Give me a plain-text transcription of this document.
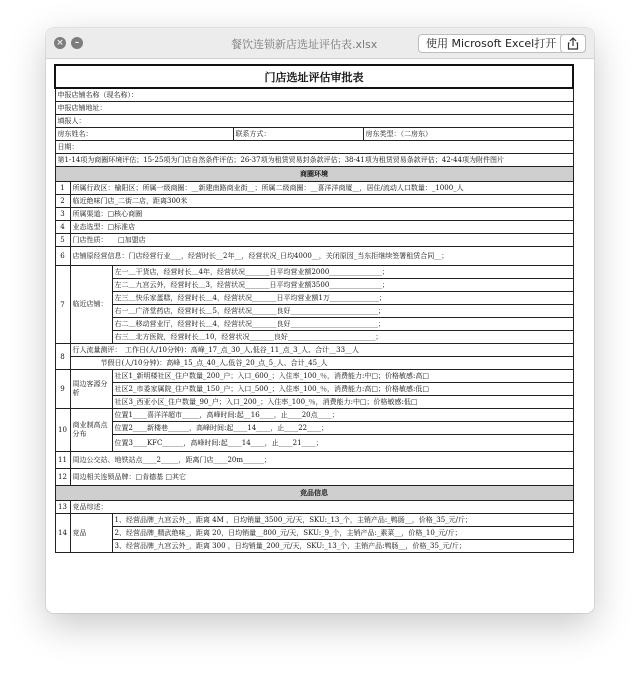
×	–	餐饮连锁新店选址评估表.xlsx	使用 Microsoft Excel打开
门店选址评估审批表				
申报店铺名称（现名称）：				
申报店铺地址：				
填报人：				
房东姓名：			联系方式：	房东类型：（二房东）
日期：				
第1-14项为商圈环境评估；15-25项为门店自然条件评估；26-37项为租赁贸易封条款评估；38-41项为租赁贸易条款评估；42-44项为附件图片				
商圈环境				
1	所属行政区：榆阳区；所属一级商圈：__新建南路商业街__；所属二级商圈：__喜洋洋商厦__，居住/流动人口数量：_1000_人			
2	临近绝味门店_二街二店，距离300米			
3	所属渠道：□核心商圈			
4	业态选型：□标准店			
5	门店性质：　　□加盟店			
6	店铺原经营信息：门店经营行业___，经营时长__2年__，经营状况_日均4000__，关闭原因_当东拒继续签署租赁合同__；			
7	临近店铺：	左一＿干货店，经营时长＿4年，经营状况_______日平均营业额2000_______________；		
		左二＿九宫云外，经营时长＿3，经营状况_______日平均营业额3500_______________；		
		左三＿快乐家蛋糕，经营时长＿4，经营状况_______日平均营业额1万______________；		
		右一＿广济堂药店，经营时长＿5，经营状况_______良好_________________________；		
		右二＿移动营业厅，经营时长＿4，经营状况_______良好_________________________；		
		右三＿北方医院，经营时长＿10，经营状况_______良好_________________________；		
8	行人流量测评：　工作日(人/10分钟)：高峰_17_点_30_人,低谷_11_点_3_人、合计__33__人			
	节假日(人/10分钟)：高峰_15_点_40_人,低谷_20_点_5_人、合计_45_人			
9	周边客源分析	社区1_新明楼社区_住户数量_200_户；入口_600_；入住率_100_％，消费能力:中□；价格敏感:高□		
		社区2_市委家属院_住户数量_150_户；入口_500_；入住率_100_％，消费能力:高□；价格敏感:低□		
		社区3_西亚小区_住户数量_90_户；入口_200_；入住率_100_％，消费能力:中□；价格敏感:低□		
10	商业制高点分布	位置1____喜洋洋超市_____，高峰时间:起__16____，止____20点____；		
		位置2____新楼巷______，高峰时间:起____14____，止____22____；		
		位置3____KFC______，高峰时间:起____14____，止____21____；		
11	周边公交站、地铁站点____2_____，距离门店____20m______；			
12	周边相关连锁品牌：□肯德基 □其它			
竞品信息				
13	竞品综述：			
14	竞品	1、经营品牌_九宫云外_，距离 4M ，日均销量_3500_元/天，SKU:_13_个，主销产品:_鸭肠__，价格_35_元/斤；		
		2、经营品牌_精武绝味_，距离 20，日均销量__800_元/天，SKU:_9_个，主销产品:_素菜__，价格_10_元/斤；		
		3、经营品牌_九宫云外_，距离 300 ，日均销量_200_元/天，SKU:_13_个，主销产品:鸭肠__，价格_35_元/斤；		
